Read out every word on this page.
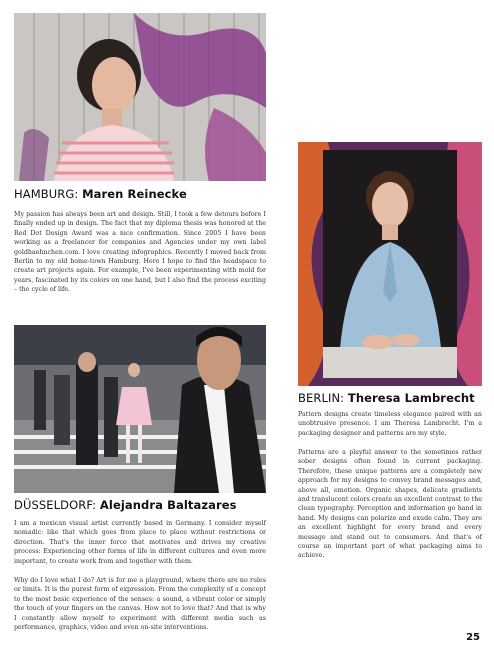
HAMBURG: Maren Reinecke

My passion has always been art and design. Still, I took a few detours before I finally ended up in design. The fact that my diploma thesis was honored at the Red Dot Design Award was a nice confirmation. Since 2005 I have been working as a freelancer for companies and Agencies under my own label goldhaehnchen.com. I love creating infographics. Recently I moved back from Berlin to my old home-town Hamburg. Here I hope to find the headspace to create art projects again. For example, I've been experimenting with mold for years, fascinated by its colors on one hand, but I also find the process exciting – the cycle of life.

BERLIN: Theresa Lambrecht

Pattern designs create timeless elegance paired with an unobtrusive presence. I am Theresa Lambrecht. I'm a packaging designer and patterns are my style.

Patterns are a playful answer to the sometimes rather sober designs often found in current packaging. Therefore, these unique patterns are a completely new approach for my designs to convey brand messages and, above all, emotion. Organic shapes, delicate gradients and translucent colors create an excellent contrast to the clean typography. Perception and information go hand in hand. My designs can polarize and exude calm. They are an excellent highlight for every brand and every message and stand out to consumers. And that's of course an important part of what packaging aims to achieve.

DÜSSELDORF: Alejandra Baltazares

I am a mexican visual artist currently based in Germany. I consider myself nomadic: like that which goes from place to place without restrictions or direction. That's the inner force that motivates and drives my creative process: Experiencing other forms of life in different cultures and even more important, to create work from and together with them.

Why do I love what I do? Art is for me a playground, where there are no rules or limits. It is the purest form of expression. From the complexity of a concept to the most basic experience of the senses: a sound, a vibrant color or simply the touch of your fingers on the canvas. How not to love that? And that is why I constantly allow myself to experiment with different media such as performance, graphics, video and even on-site interventions.

25
